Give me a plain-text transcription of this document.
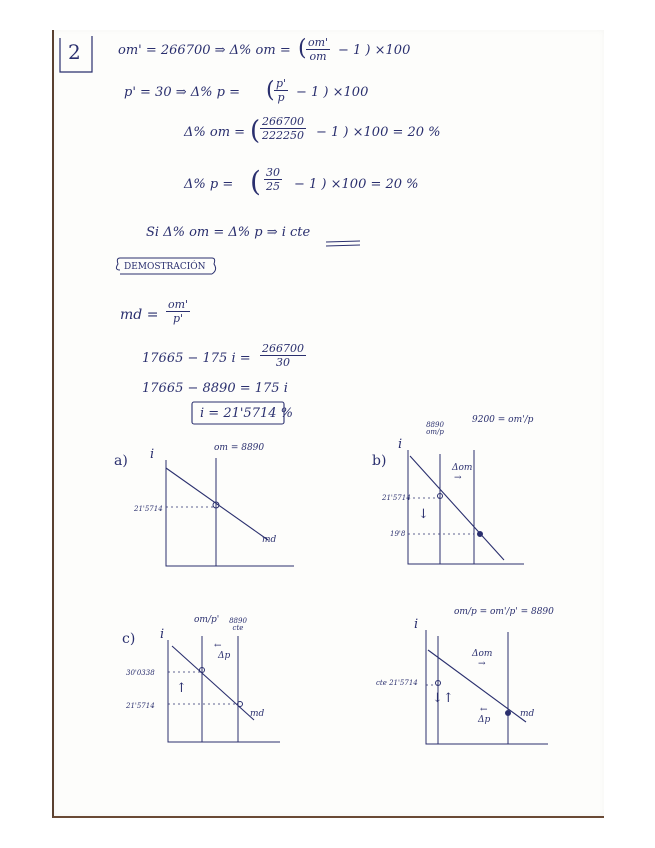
2	om' = 266700 ⇒ Δ% om = ( $\frac{om'}{om} - 1$ ) ×100
p' = 30 ⇒ Δ% p = ( $\frac{p'}{p} - 1$ ) ×100
Δ% om = ( $\frac{266700}{222250} - 1$ ) ×100 = 20 %
Δ% p = ( $\frac{30}{25} - 1$ ) ×100 = 20 %
Si Δ% om = Δ% p ⇒ i cte
DEMOSTRACIÓN
md = $\frac{om'}{p'}$
17665 − 175 $i = \frac{266700}{30}$
17665 − 8890 = 175 i
i = 21'5714 %
a) i	om = 8890
21'5714
md
b)
i
8890 om/p
9200 = om'/p
Δom
→
21'5714
19'8
↓
c) i
om/p' 8890 cte
Δp
←
30'0338
21'5714
↑
md
i
om/p = om'/p' = 8890
Δom
→
Δp
←
cte 21'5714
↓↑
md
